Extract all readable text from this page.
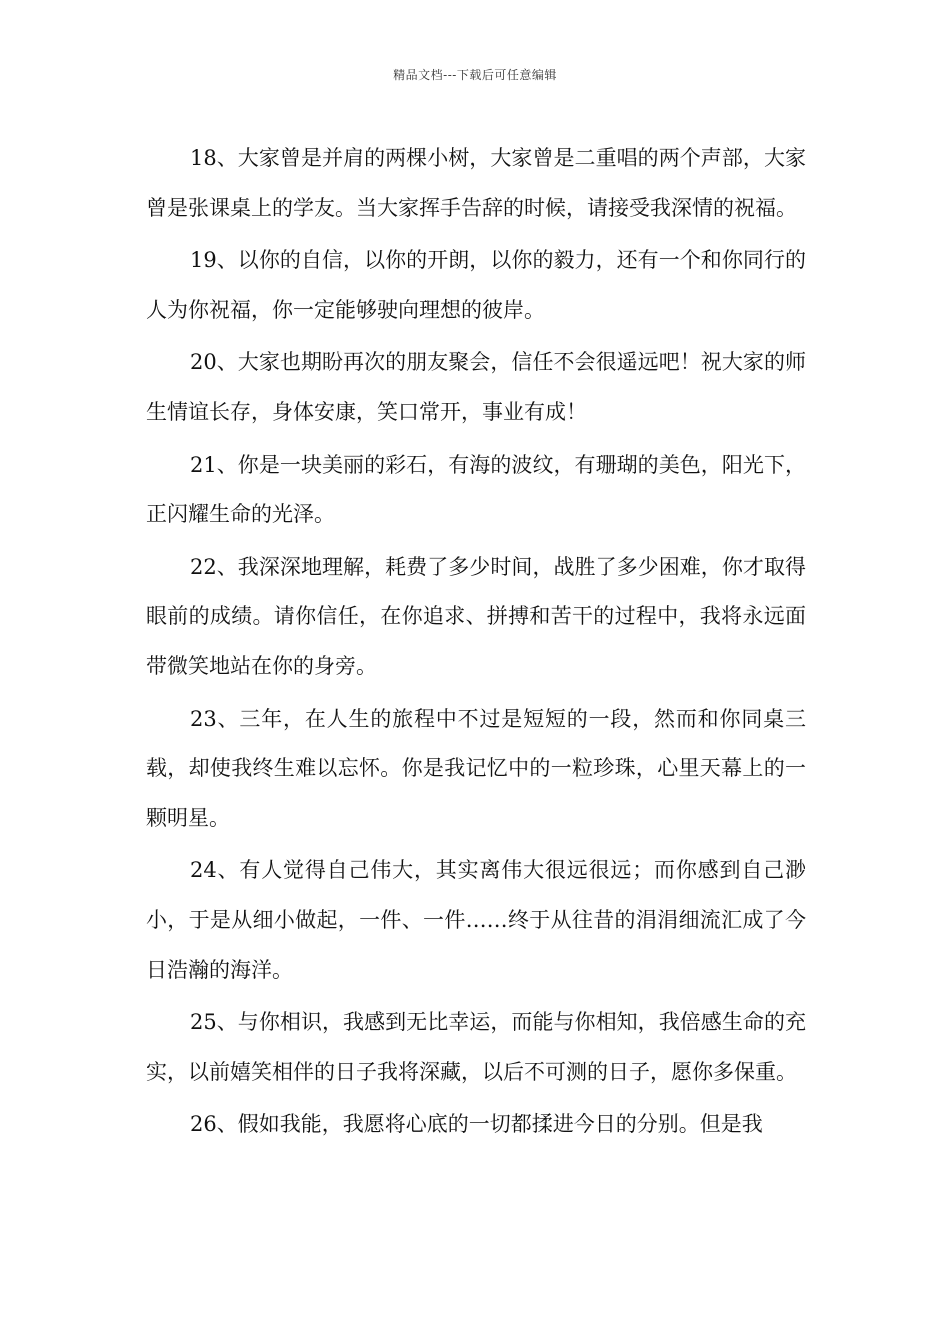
精品文档---下载后可任意编辑

18、大家曾是并肩的两棵小树，大家曾是二重唱的两个声部，大家曾是张课桌上的学友。当大家挥手告辞的时候，请接受我深情的祝福。

19、以你的自信，以你的开朗，以你的毅力，还有一个和你同行的人为你祝福，你一定能够驶向理想的彼岸。

20、大家也期盼再次的朋友聚会，信任不会很遥远吧！祝大家的师生情谊长存，身体安康，笑口常开，事业有成！

21、你是一块美丽的彩石，有海的波纹，有珊瑚的美色，阳光下，正闪耀生命的光泽。

22、我深深地理解，耗费了多少时间，战胜了多少困难，你才取得眼前的成绩。请你信任，在你追求、拼搏和苦干的过程中，我将永远面带微笑地站在你的身旁。

23、三年，在人生的旅程中不过是短短的一段，然而和你同桌三载，却使我终生难以忘怀。你是我记忆中的一粒珍珠，心里天幕上的一颗明星。

24、有人觉得自己伟大，其实离伟大很远很远；而你感到自己渺小，于是从细小做起，一件、一件……终于从往昔的涓涓细流汇成了今日浩瀚的海洋。

25、与你相识，我感到无比幸运，而能与你相知，我倍感生命的充实，以前嬉笑相伴的日子我将深藏，以后不可测的日子，愿你多保重。

26、假如我能，我愿将心底的一切都揉进今日的分别。但是我
